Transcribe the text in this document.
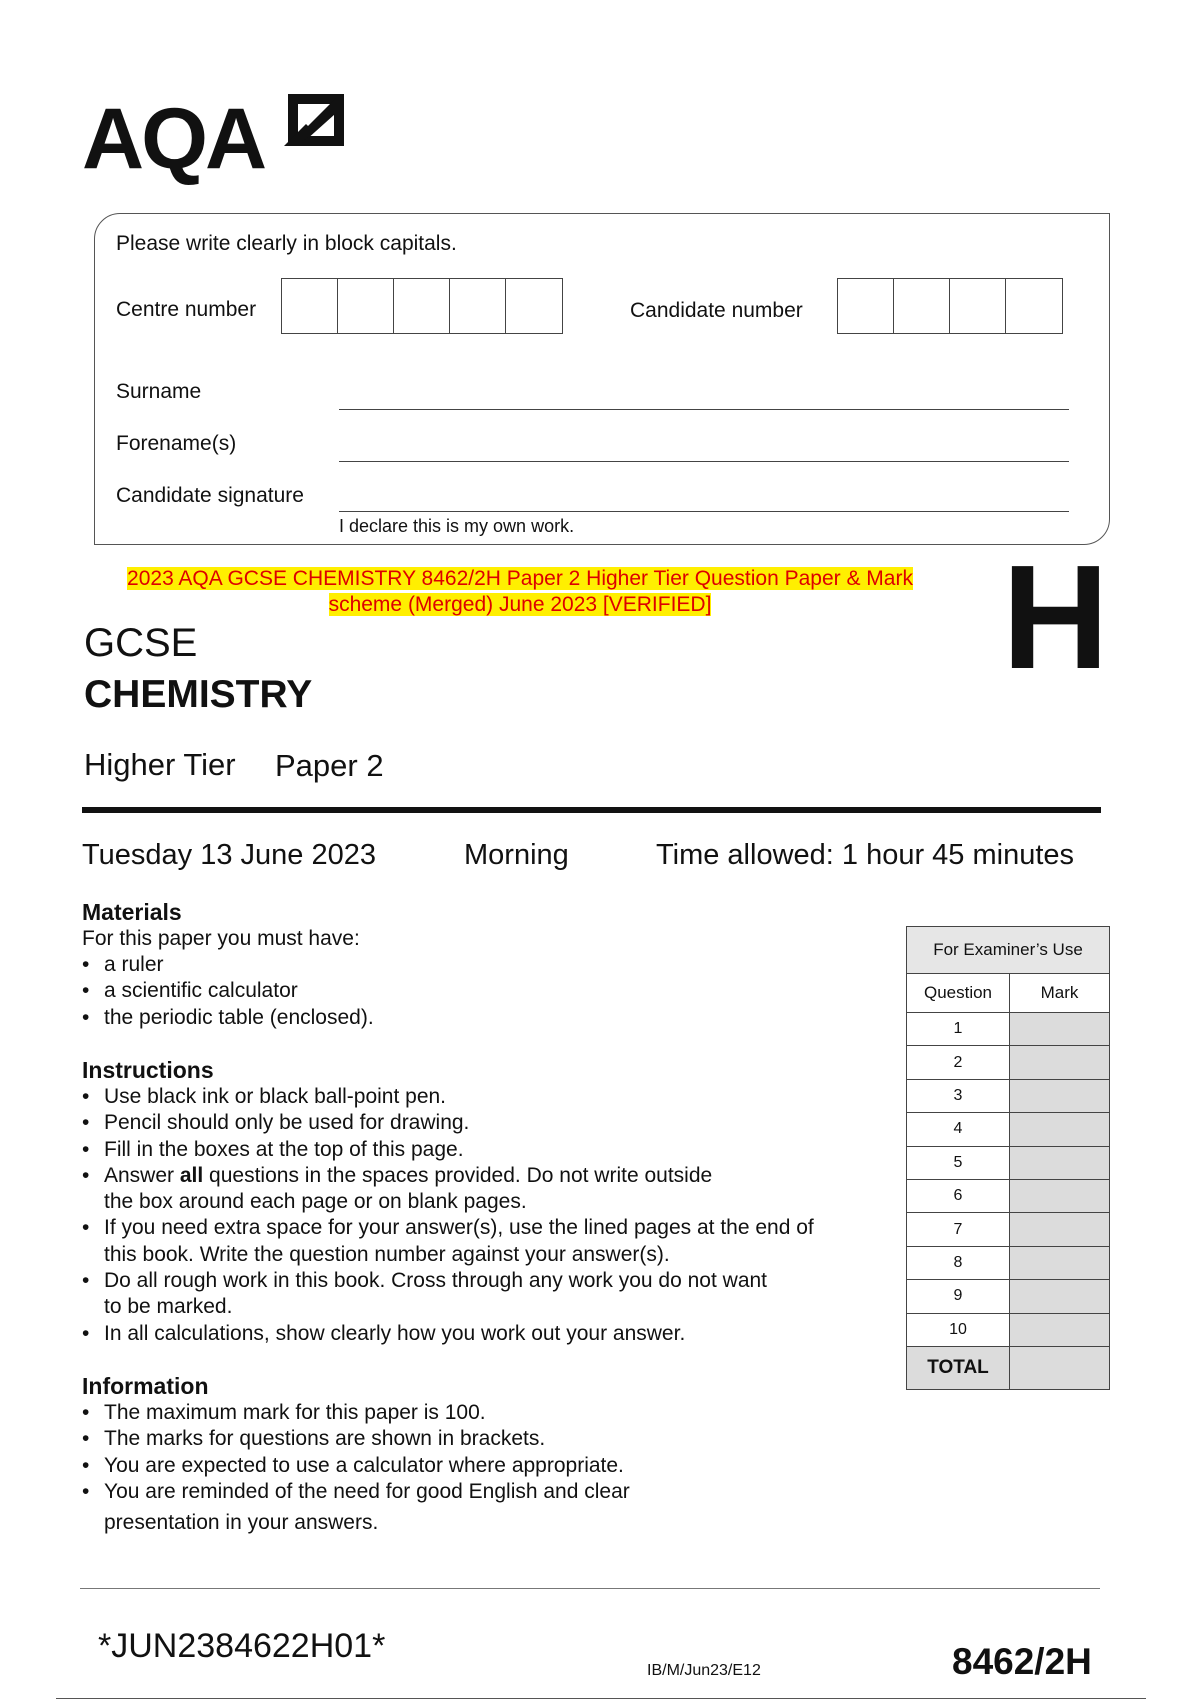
AQA
Please write clearly in block capitals.
Centre number	Candidate number
Surname
Forename(s)
Candidate signature
I declare this is my own work.
2023 AQA GCSE CHEMISTRY 8462/2H Paper 2 Higher Tier Question Paper & Mark
scheme (Merged) June 2023 [VERIFIED]	H
GCSE
CHEMISTRY
Higher Tier Paper 2
Tuesday 13 June 2023	Morning	Time allowed: 1 hour 45 minutes
Materials
For this paper you must have:
• a ruler
• a scientific calculator
• the periodic table (enclosed).
Instructions
• Use black ink or black ball-point pen.
• Pencil should only be used for drawing.
• Fill in the boxes at the top of this page.
• Answer all questions in the spaces provided. Do not write outside
the box around each page or on blank pages.
• If you need extra space for your answer(s), use the lined pages at the end of
this book. Write the question number against your answer(s).
• Do all rough work in this book. Cross through any work you do not want
to be marked.
• In all calculations, show clearly how you work out your answer.
Information
• The maximum mark for this paper is 100.
• The marks for questions are shown in brackets.
• You are expected to use a calculator where appropriate.
• You are reminded of the need for good English and clear
presentation in your answers.
For Examiner’s Use	
Question	Mark
1	
2	
3	
4	
5	
6	
7	
8	
9	
10	
TOTAL	
*JUN2384622H01*
IB/M/Jun23/E12	8462/2H
